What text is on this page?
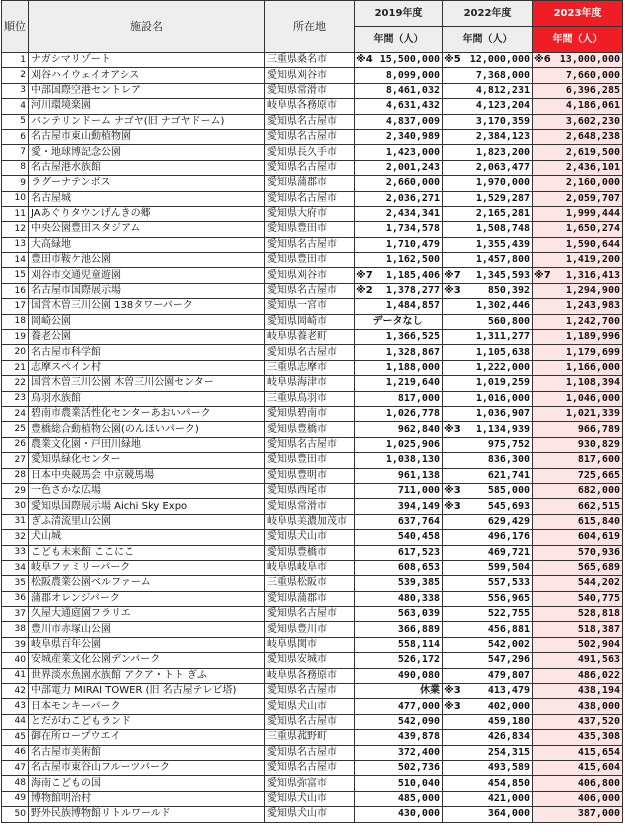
順位	施設名	所在地	2019年度	2022年度	2023年度
			年間（人）	年間（人）	年間（人）
1	ナガシマリゾート	三重県桑名市	※4 15,500,000	※5 12,000,000	※6 13,000,000
2	刈谷ハイウェイオアシス	愛知県刈谷市	8,099,000	7,368,000	7,660,000
3	中部国際空港セントレア	愛知県常滑市	8,461,032	4,812,231	6,396,285
4	河川環境楽園	岐阜県各務原市	4,631,432	4,123,204	4,186,061
5	バンテリンドーム ナゴヤ(旧 ナゴヤドーム)	愛知県名古屋市	4,837,009	3,170,359	3,602,230
6	名古屋市東山動植物園	愛知県名古屋市	2,340,989	2,384,123	2,648,238
7	愛・地球博記念公園	愛知県長久手市	1,423,000	1,823,200	2,619,500
8	名古屋港水族館	愛知県名古屋市	2,001,243	2,063,477	2,436,101
9	ラグーナテンボス	愛知県蒲郡市	2,660,000	1,970,000	2,160,000
10	名古屋城	愛知県名古屋市	2,036,271	1,529,287	2,059,707
11	JAあぐりタウンげんきの郷	愛知県大府市	2,434,341	2,165,281	1,999,444
12	中央公園豊田スタジアム	愛知県豊田市	1,734,578	1,508,748	1,650,274
13	大高緑地	愛知県名古屋市	1,710,479	1,355,439	1,590,644
14	豊田市鞍ケ池公園	愛知県豊田市	1,162,500	1,457,800	1,419,200
15	刈谷市交通児童遊園	愛知県刈谷市	※7 1,185,406	※7 1,345,593	※7 1,316,413
16	名古屋市国際展示場	愛知県名古屋市	※2 1,378,277	※3 850,392	1,294,900
17	国営木曽三川公園 138タワーパーク	愛知県一宮市	1,484,857	1,302,446	1,243,983
18	岡崎公園	愛知県岡崎市	データなし	560,800	1,242,700
19	養老公園	岐阜県養老町	1,366,525	1,311,277	1,189,996
20	名古屋市科学館	愛知県名古屋市	1,328,867	1,105,638	1,179,699
21	志摩スペイン村	三重県志摩市	1,188,000	1,222,000	1,166,000
22	国営木曽三川公園 木曽三川公園センター	岐阜県海津市	1,219,640	1,019,259	1,108,394
23	鳥羽水族館	三重県鳥羽市	817,000	1,016,000	1,046,000
24	碧南市農業活性化センターあおいパーク	愛知県碧南市	1,026,778	1,036,907	1,021,339
25	豊橋総合動植物公園(のんほいパーク)	愛知県豊橋市	962,840	※3 1,134,939	966,789
26	農業文化園・戸田川緑地	愛知県名古屋市	1,025,906	975,752	930,829
27	愛知県緑化センター	愛知県豊田市	1,038,130	836,300	817,600
28	日本中央競馬会 中京競馬場	愛知県豊明市	961,138	621,741	725,665
29	一色さかな広場	愛知県西尾市	711,000	※3 585,000	682,000
30	愛知県国際展示場 Aichi Sky Expo	愛知県常滑市	394,149	※3 545,693	662,515
31	ぎふ清流里山公園	岐阜県美濃加茂市	637,764	629,429	615,840
32	犬山城	愛知県犬山市	540,458	496,176	604,619
33	こども未来館 ここにこ	愛知県豊橋市	617,523	469,721	570,936
34	岐阜ファミリーパーク	岐阜県岐阜市	608,653	599,504	565,689
35	松阪農業公園ベルファーム	三重県松阪市	539,385	557,533	544,202
36	蒲郡オレンジパーク	愛知県蒲郡市	480,338	556,965	540,775
37	久屋大通庭園フラリエ	愛知県名古屋市	563,039	522,755	528,818
38	豊川市赤塚山公園	愛知県豊川市	366,889	456,881	518,387
39	岐阜県百年公園	岐阜県関市	558,114	542,002	502,904
40	安城産業文化公園デンパーク	愛知県安城市	526,172	547,296	491,563
41	世界淡水魚園水族館 アクア・トト ぎふ	岐阜県各務原市	490,080	479,807	486,022
42	中部電力 MIRAI TOWER (旧 名古屋テレビ塔)	愛知県名古屋市	休業	※3 413,479	438,194
43	日本モンキーパーク	愛知県犬山市	477,000	※3 402,000	438,000
44	とだがわこどもランド	愛知県名古屋市	542,090	459,180	437,520
45	御在所ロープウエイ	三重県菰野町	439,878	426,834	435,308
46	名古屋市美術館	愛知県名古屋市	372,400	254,315	415,654
47	名古屋市東谷山フルーツパーク	愛知県名古屋市	502,736	493,589	415,604
48	海南こどもの国	愛知県弥富市	510,040	454,850	406,800
49	博物館明治村	愛知県犬山市	485,000	421,000	406,000
50	野外民族博物館リトルワールド	愛知県犬山市	430,000	364,000	387,000
